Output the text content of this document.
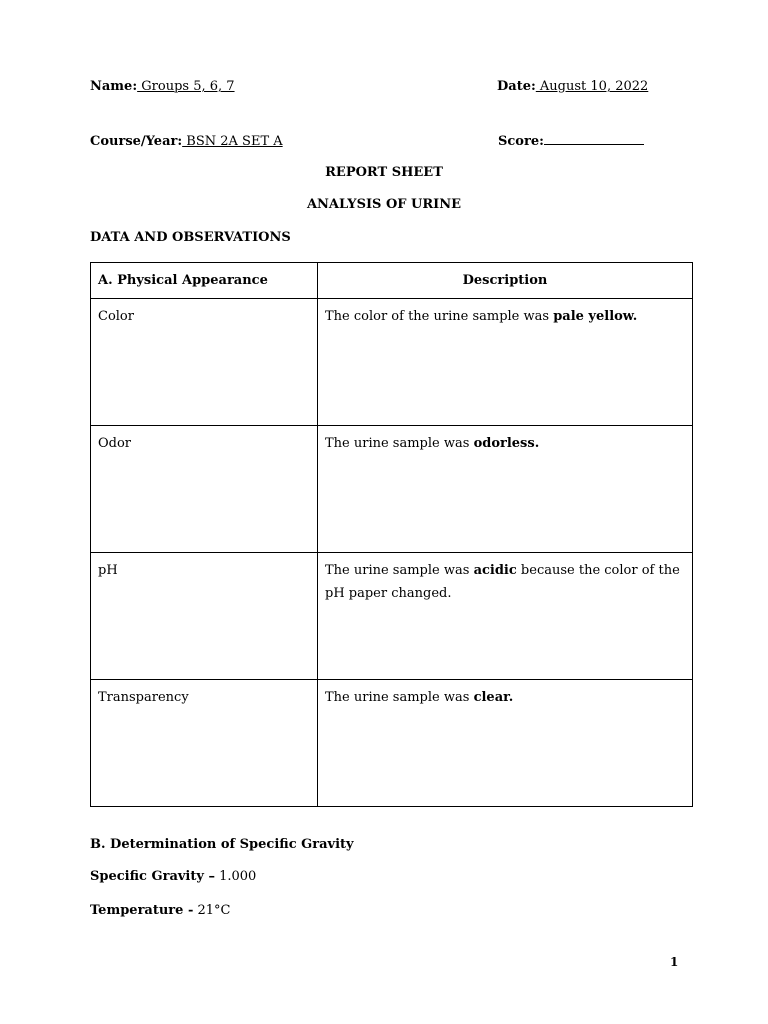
Name: Groups 5, 6, 7	Date: August 10, 2022
Course/Year: BSN 2A SET A	Score:
REPORT SHEET
ANALYSIS OF URINE
DATA AND OBSERVATIONS
A. Physical Appearance	Description
Color	The color of the urine sample was pale yellow.
Odor	The urine sample was odorless.
pH	The urine sample was acidic because the color of the pH paper changed.
Transparency	The urine sample was clear.
B. Determination of Specific Gravity
Specific Gravity – 1.000
Temperature - 21°C
1
